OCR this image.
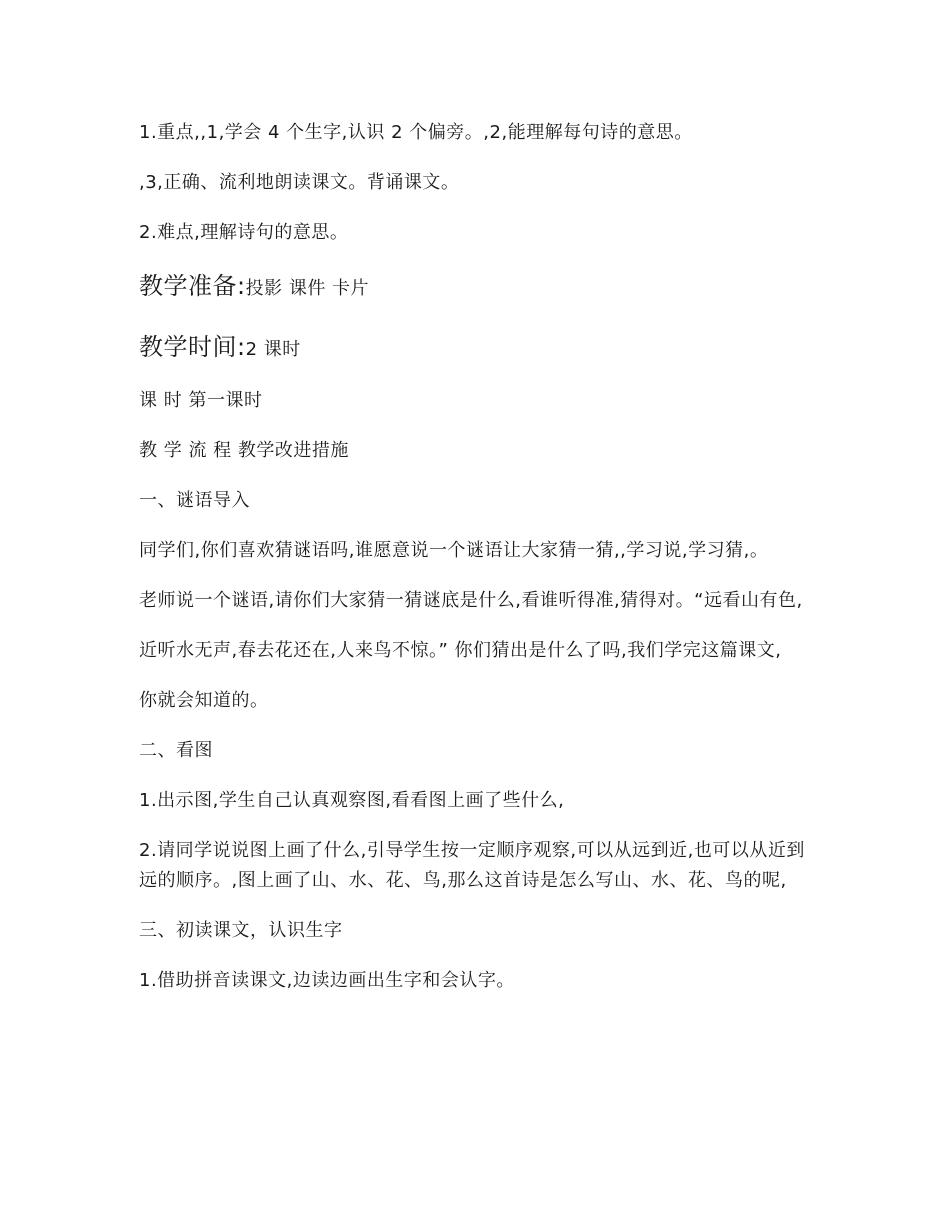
1.重点,,1,学会 4 个生字,认识 2 个偏旁。,2,能理解每句诗的意思。

,3,正确、流利地朗读课文。背诵课文。

2.难点,理解诗句的意思。

教学准备:投影 课件 卡片

教学时间:2 课时

课 时 第一课时

教 学 流 程 教学改进措施

一、谜语导入

同学们,你们喜欢猜谜语吗,谁愿意说一个谜语让大家猜一猜,,学习说,学习猜,。

老师说一个谜语,请你们大家猜一猜谜底是什么,看谁听得准,猜得对。“远看山有色,

近听水无声,春去花还在,人来鸟不惊。” 你们猜出是什么了吗,我们学完这篇课文,

你就会知道的。

二、看图

1.出示图,学生自己认真观察图,看看图上画了些什么,

2.请同学说说图上画了什么,引导学生按一定顺序观察,可以从远到近,也可以从近到远的顺序。,图上画了山、水、花、鸟,那么这首诗是怎么写山、水、花、鸟的呢,

三、初读课文，认识生字

1.借助拼音读课文,边读边画出生字和会认字。
